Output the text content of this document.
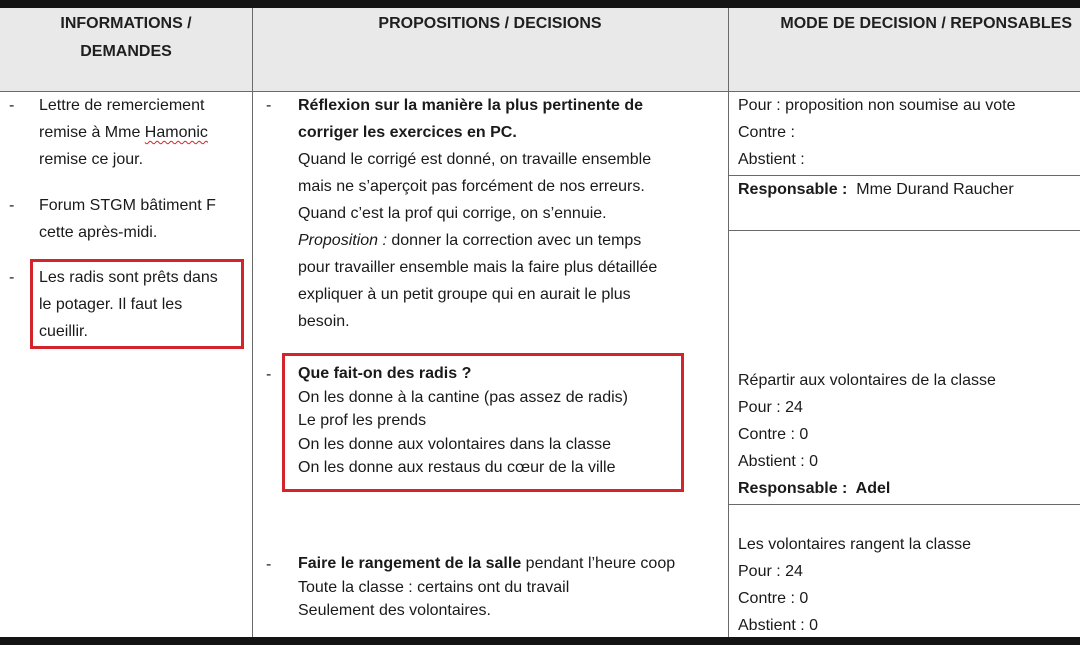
INFORMATIONS /
DEMANDES
PROPOSITIONS / DECISIONS	MODE DE DECISION / REPONSABLES
- Lettre de remerciement
remise à Mme Hamonic
remise ce jour.
- Forum STGM bâtiment F
cette après-midi.
- Les radis sont prêts dans
le potager. Il faut les
cueillir.
- Réflexion sur la manière la plus pertinente de
corriger les exercices en PC.
Quand le corrigé est donné, on travaille ensemble
mais ne s’aperçoit pas forcément de nos erreurs.
Quand c’est la prof qui corrige, on s’ennuie.
Proposition : donner la correction avec un temps
pour travailler ensemble mais la faire plus détaillée
expliquer à un petit groupe qui en aurait le plus
besoin.
- Que fait-on des radis ?
On les donne à la cantine (pas assez de radis)
Le prof les prends
On les donne aux volontaires dans la classe
On les donne aux restaus du cœur de la ville
- Faire le rangement de la salle pendant l’heure coop
Toute la classe : certains ont du travail
Seulement des volontaires.
Pour : proposition non soumise au vote
Contre :
Abstient :
Responsable :  Mme Durand Raucher
Répartir aux volontaires de la classe
Pour : 24
Contre : 0
Abstient : 0
Responsable :  Adel
Les volontaires rangent la classe
Pour : 24
Contre : 0
Abstient : 0
